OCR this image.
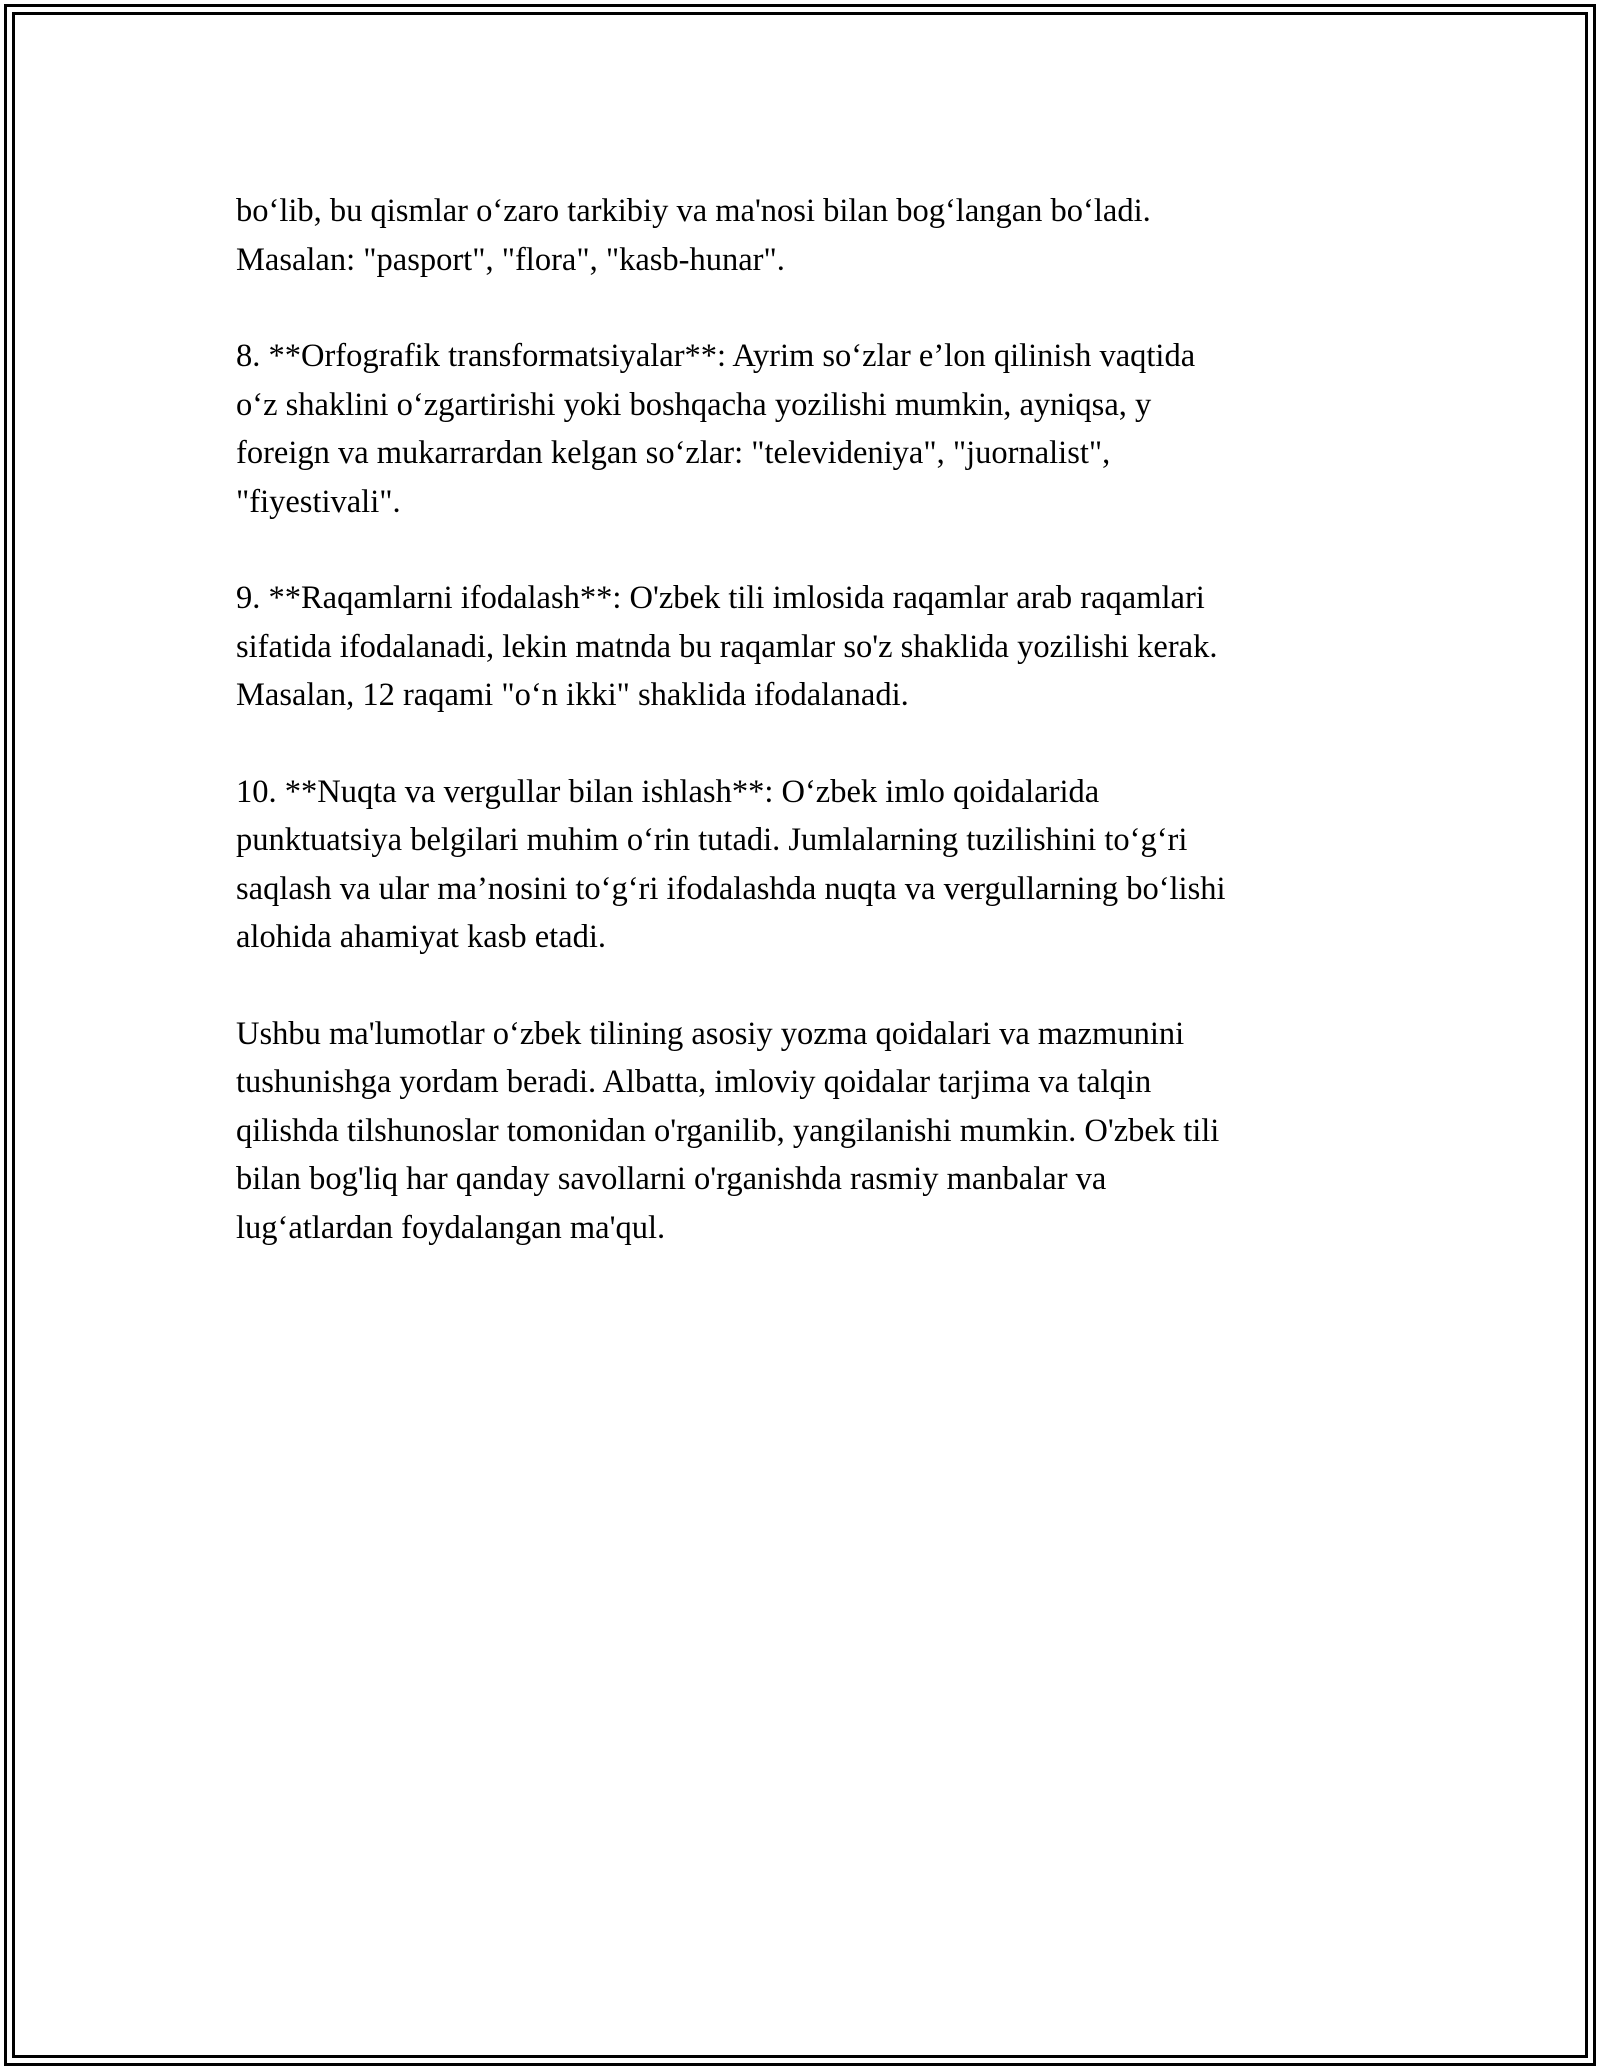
bo‘lib, bu qismlar o‘zaro tarkibiy va ma'nosi bilan bog‘langan bo‘ladi.
Masalan: "pasport", "flora", "kasb-hunar".

8. **Orfografik transformatsiyalar**: Ayrim so‘zlar e’lon qilinish vaqtida
o‘z shaklini o‘zgartirishi yoki boshqacha yozilishi mumkin, ayniqsa, y
foreign va mukarrardan kelgan so‘zlar: "televideniya", "juornalist",
"fiyestivali".

9. **Raqamlarni ifodalash**: O'zbek tili imlosida raqamlar arab raqamlari
sifatida ifodalanadi, lekin matnda bu raqamlar so'z shaklida yozilishi kerak.
Masalan, 12 raqami "o‘n ikki" shaklida ifodalanadi.

10. **Nuqta va vergullar bilan ishlash**: O‘zbek imlo qoidalarida
punktuatsiya belgilari muhim o‘rin tutadi. Jumlalarning tuzilishini to‘g‘ri
saqlash va ular ma’nosini to‘g‘ri ifodalashda nuqta va vergullarning bo‘lishi
alohida ahamiyat kasb etadi.

Ushbu ma'lumotlar o‘zbek tilining asosiy yozma qoidalari va mazmunini
tushunishga yordam beradi. Albatta, imloviy qoidalar tarjima va talqin
qilishda tilshunoslar tomonidan o'rganilib, yangilanishi mumkin. O'zbek tili
bilan bog'liq har qanday savollarni o'rganishda rasmiy manbalar va
lug‘atlardan foydalangan ma'qul.
